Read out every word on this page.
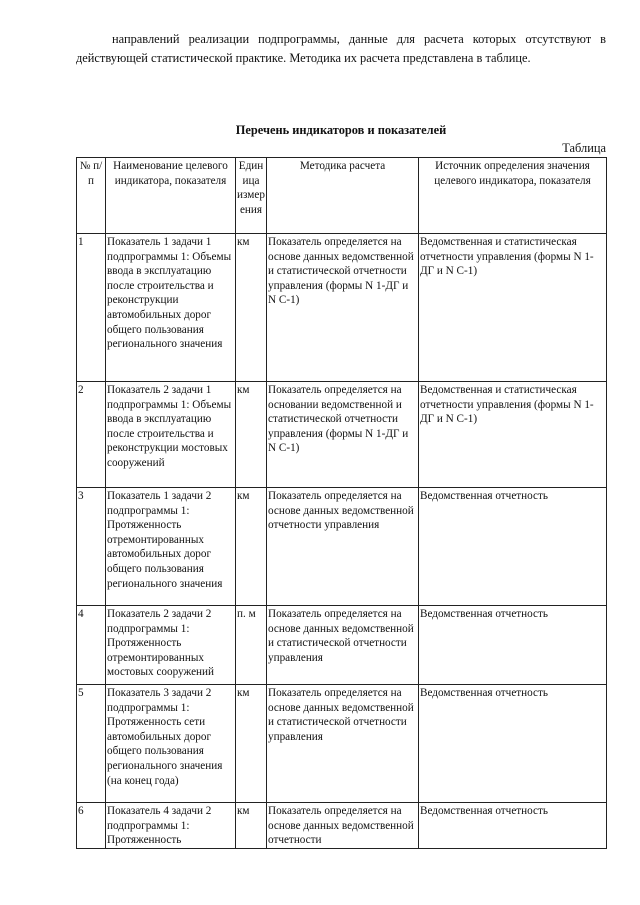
направлений реализации подпрограммы, данные для расчета которых отсутствуют в действующей статистической практике. Методика их расчета представлена в таблице.

Перечень индикаторов и показателей

Таблица

№ п/п	Наименование целевого индикатора, показателя	Единица измерения	Методика расчета	Источник определения значения целевого индикатора, показателя
1	Показатель 1 задачи 1 подпрограммы 1: Объемы ввода в эксплуатацию после строительства и реконструкции автомобильных дорог общего пользования регионального значения	км	Показатель определяется на основе данных ведомственной и статистической отчетности управления (формы N 1-ДГ и N С-1)	Ведомственная и статистическая отчетности управления (формы N 1-ДГ и N С-1)
2	Показатель 2 задачи 1 подпрограммы 1: Объемы ввода в эксплуатацию после строительства и реконструкции мостовых сооружений	км	Показатель определяется на основании ведомственной и статистической отчетности управления (формы N 1-ДГ и N С-1)	Ведомственная и статистическая отчетности управления (формы N 1-ДГ и N С-1)
3	Показатель 1 задачи 2 подпрограммы 1: Протяженность отремонтированных автомобильных дорог общего пользования регионального значения	км	Показатель определяется на основе данных ведомственной отчетности управления	Ведомственная отчетность
4	Показатель 2 задачи 2 подпрограммы 1: Протяженность отремонтированных мостовых сооружений	п. м	Показатель определяется на основе данных ведомственной и статистической отчетности управления	Ведомственная отчетность
5	Показатель 3 задачи 2 подпрограммы 1: Протяженность сети автомобильных дорог общего пользования регионального значения (на конец года)	км	Показатель определяется на основе данных ведомственной и статистической отчетности управления	Ведомственная отчетность
6	Показатель 4 задачи 2 подпрограммы 1: Протяженность	км	Показатель определяется на основе данных ведомственной отчетности	Ведомственная отчетность
